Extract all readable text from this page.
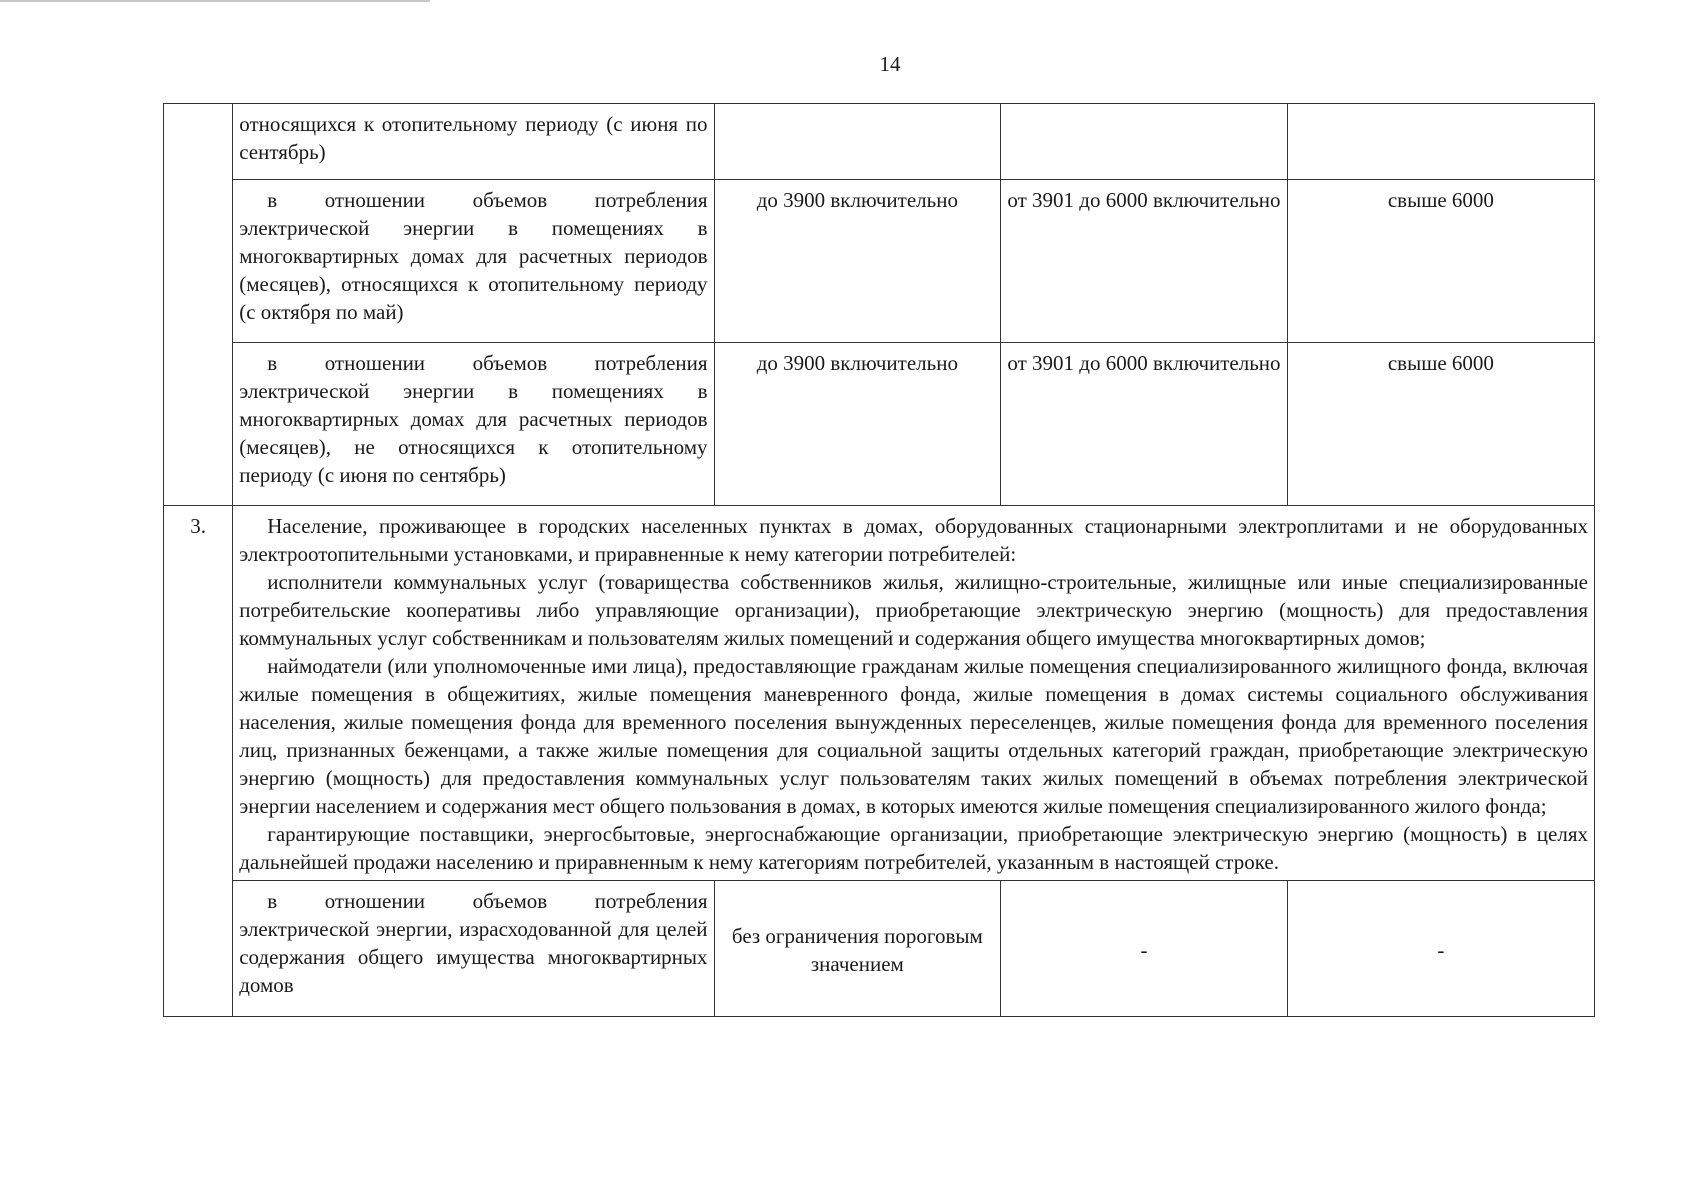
14
	относящихся к отопительному периоду (с июня по сентябрь)			
	в отношении объемов потребления электрической энергии в помещениях в многоквартирных домах для расчетных периодов (месяцев), относящихся к отопительному периоду (с октября по май)	до 3900 включительно	от 3901 до 6000 включительно	свыше 6000
	в отношении объемов потребления электрической энергии в помещениях в многоквартирных домах для расчетных периодов (месяцев), не относящихся к отопительному периоду (с июня по сентябрь)	до 3900 включительно	от 3901 до 6000 включительно	свыше 6000
3.	Население, проживающее в городских населенных пунктах в домах, оборудованных стационарными электроплитами и не оборудованных электроотопительными установками, и приравненные к нему категории потребителей:

исполнители коммунальных услуг (товарищества собственников жилья, жилищно-строительные, жилищные или иные специализированные потребительские кооперативы либо управляющие организации), приобретающие электрическую энергию (мощность) для предоставления коммунальных услуг собственникам и пользователям жилых помещений и содержания общего имущества многоквартирных домов;

наймодатели (или уполномоченные ими лица), предоставляющие гражданам жилые помещения специализированного жилищного фонда, включая жилые помещения в общежитиях, жилые помещения маневренного фонда, жилые помещения в домах системы социального обслуживания населения, жилые помещения фонда для временного поселения вынужденных переселенцев, жилые помещения фонда для временного поселения лиц, признанных беженцами, а также жилые помещения для социальной защиты отдельных категорий граждан, приобретающие электрическую энергию (мощность) для предоставления коммунальных услуг пользователям таких жилых помещений в объемах потребления электрической энергии населением и содержания мест общего пользования в домах, в которых имеются жилые помещения специализированного жилого фонда;

гарантирующие поставщики, энергосбытовые, энергоснабжающие организации, приобретающие электрическую энергию (мощность) в целях дальнейшей продажи населению и приравненным к нему категориям потребителей, указанным в настоящей строке.			

	в отношении объемов потребления электрической энергии, израсходованной для целей содержания общего имущества многоквартирных домов	без ограничения пороговым значением	-	-
